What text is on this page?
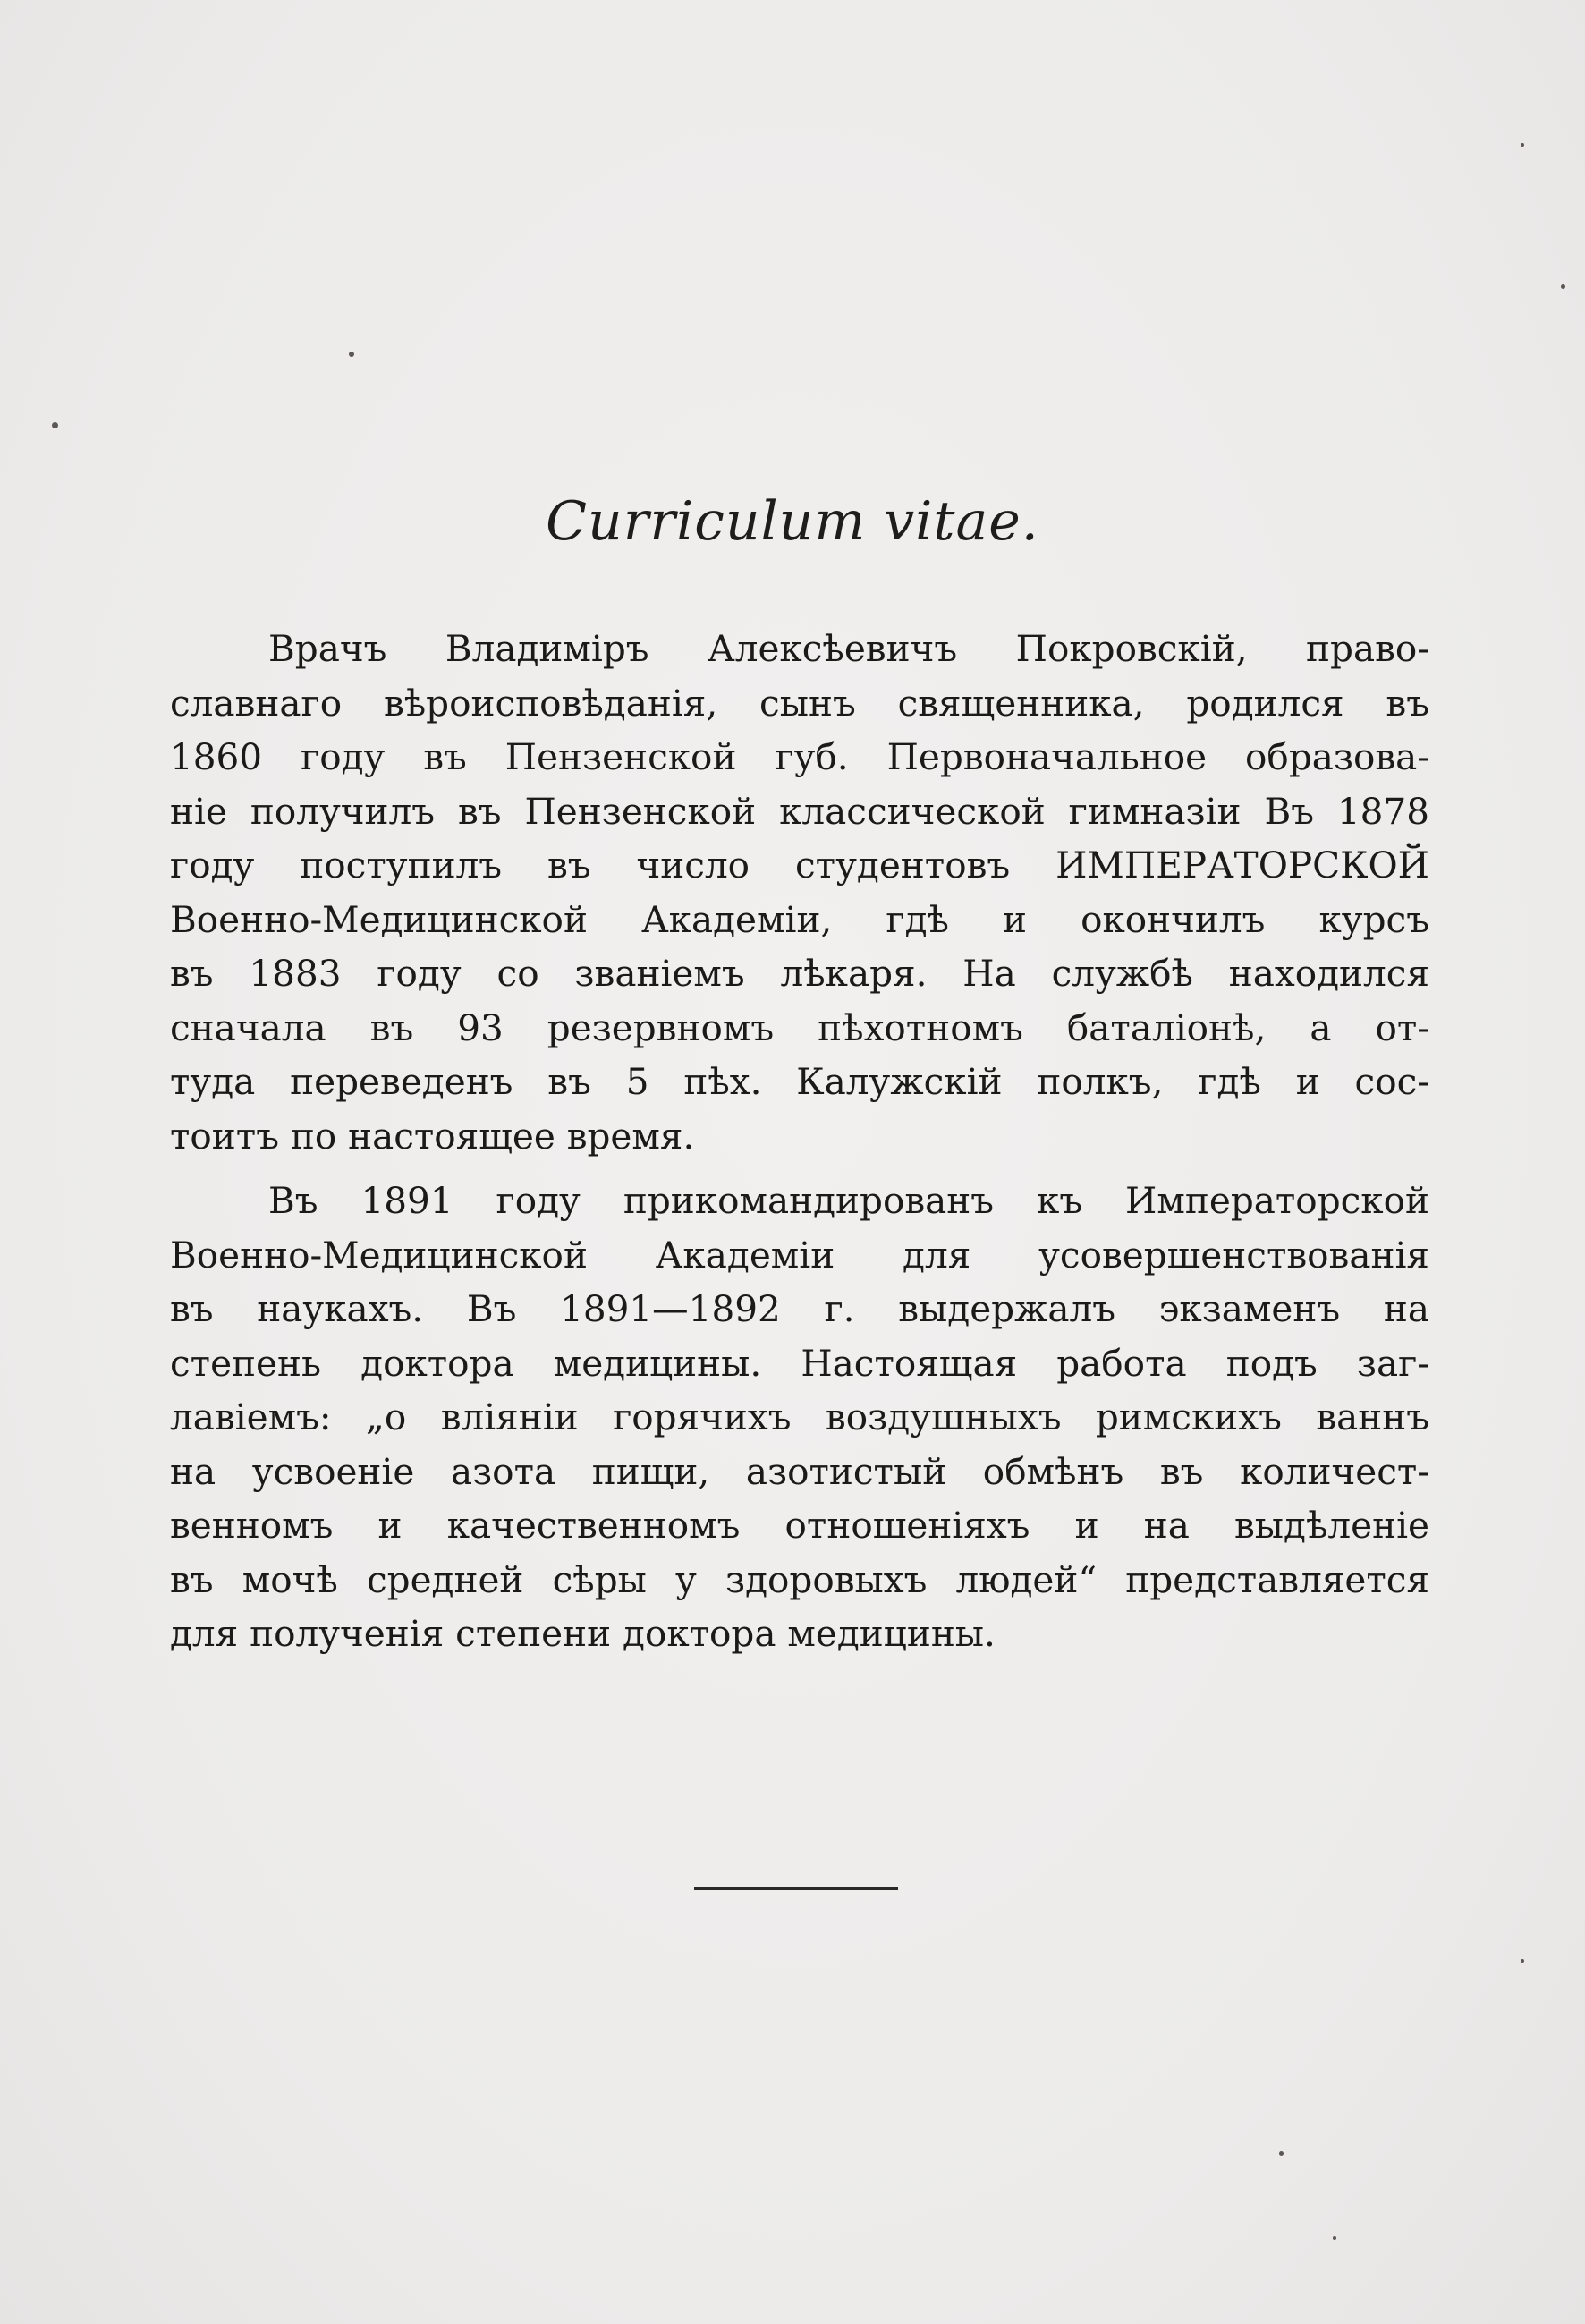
Curriculum vitae.
Врачъ Владиміръ Алексѣевичъ Покровскій, право-
славнаго вѣроисповѣданія, сынъ священника, родился въ
1860 году въ Пензенской губ. Первоначальное образова-
ніе получилъ въ Пензенской классической гимназіи Въ 1878
году поступилъ въ число студентовъ ИМПЕРАТОРСКОЙ
Военно-Медицинской Академіи, гдѣ и окончилъ курсъ
въ 1883 году со званіемъ лѣкаря. На службѣ находился
сначала въ 93 резервномъ пѣхотномъ баталіонѣ, а от-
туда переведенъ въ 5 пѣх. Калужскій полкъ, гдѣ и сос-
тоитъ по настоящее время.
Въ 1891 году прикомандированъ къ Императорской
Военно-Медицинской Академіи для усовершенствованія
въ наукахъ. Въ 1891—1892 г. выдержалъ экзаменъ на
степень доктора медицины. Настоящая работа подъ заг-
лавіемъ: „о вліяніи горячихъ воздушныхъ римскихъ ваннъ
на усвоеніе азота пищи, азотистый обмѣнъ въ количест-
венномъ и качественномъ отношеніяхъ и на выдѣленіе
въ мочѣ средней сѣры у здоровыхъ людей“ представляется
для полученія степени доктора медицины.
